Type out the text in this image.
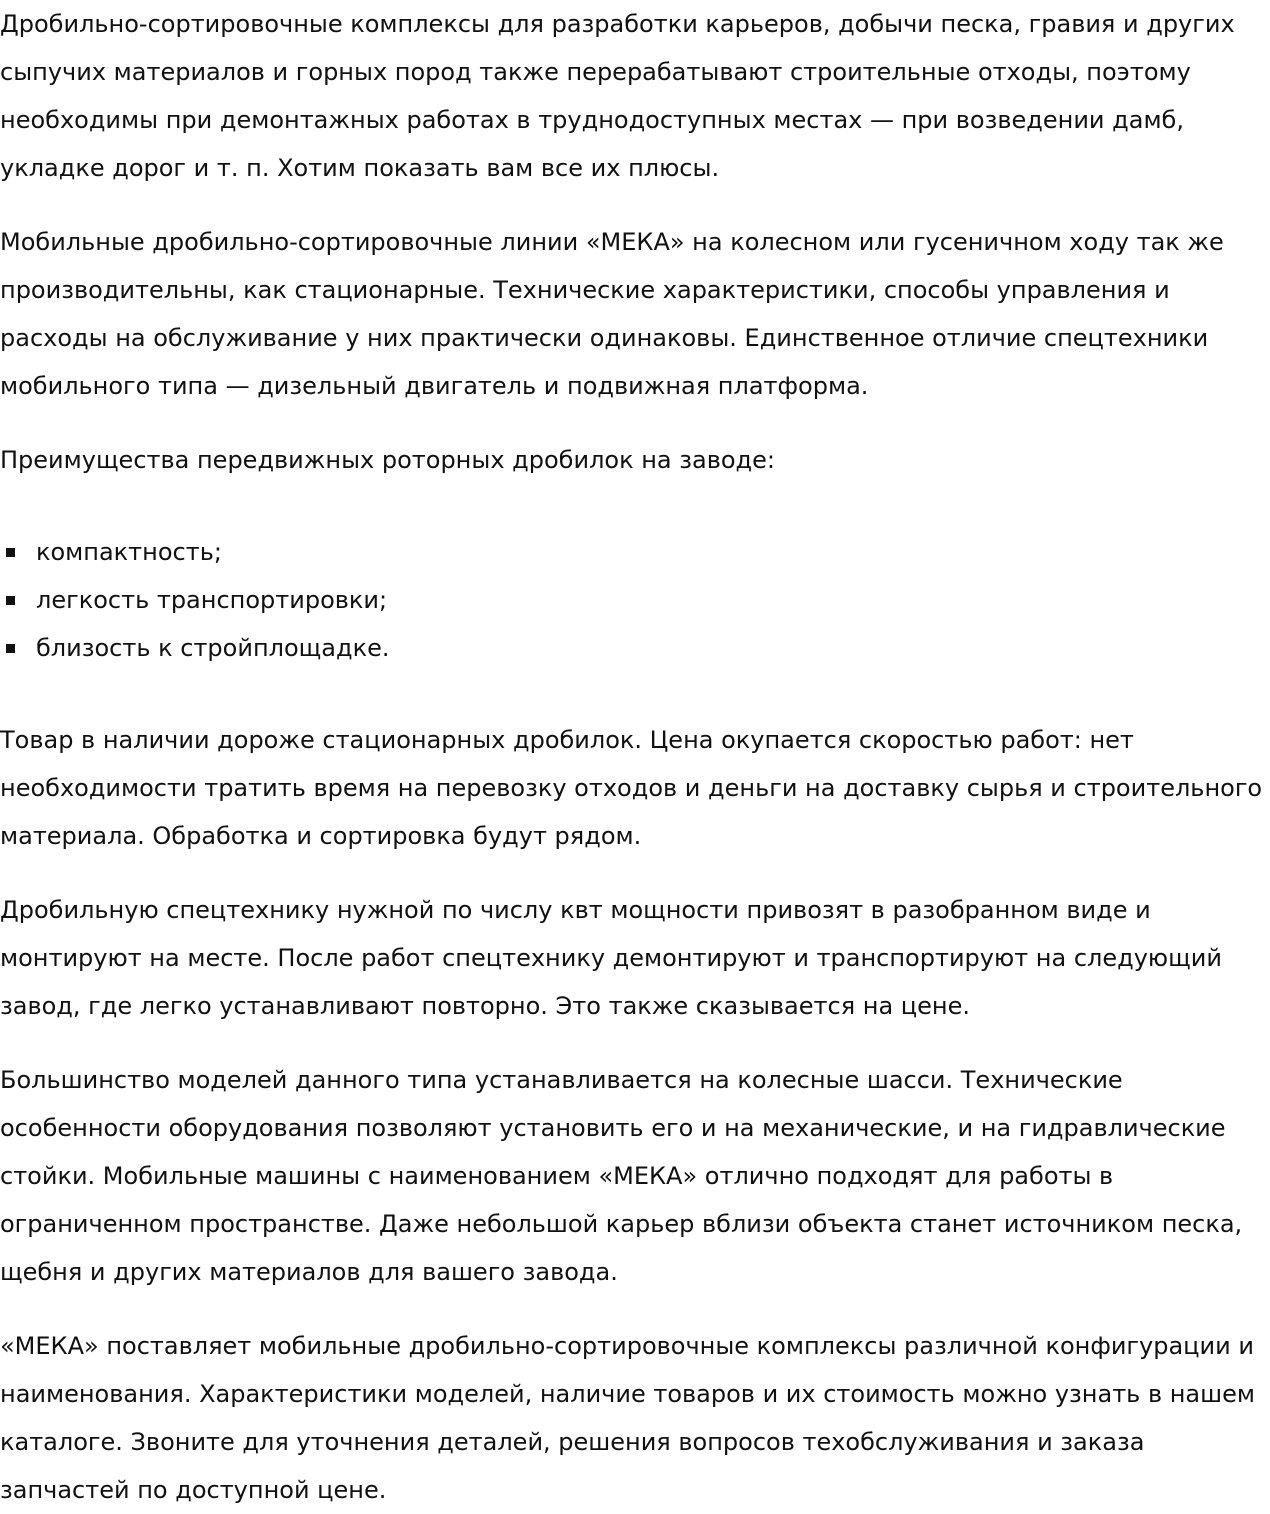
Дробильно-сортировочные комплексы для разработки карьеров, добычи песка, гравия и других сыпучих материалов и горных пород также перерабатывают строительные отходы, поэтому необходимы при демонтажных работах в труднодоступных местах — при возведении дамб, укладке дорог и т. п. Хотим показать вам все их плюсы.

Мобильные дробильно-сортировочные линии «МЕКА» на колесном или гусеничном ходу так же производительны, как стационарные. Технические характеристики, способы управления и расходы на обслуживание у них практически одинаковы. Единственное отличие спецтехники мобильного типа — дизельный двигатель и подвижная платформа.

Преимущества передвижных роторных дробилок на заводе:

компактность;
легкость транспортировки;
близость к стройплощадке.

Товар в наличии дороже стационарных дробилок. Цена окупается скоростью работ: нет необходимости тратить время на перевозку отходов и деньги на доставку сырья и строительного материала. Обработка и сортировка будут рядом.

Дробильную спецтехнику нужной по числу квт мощности привозят в разобранном виде и монтируют на месте. После работ спецтехнику демонтируют и транспортируют на следующий завод, где легко устанавливают повторно. Это также сказывается на цене.

Большинство моделей данного типа устанавливается на колесные шасси. Технические особенности оборудования позволяют установить его и на механические, и на гидравлические стойки. Мобильные машины с наименованием «МЕКА» отлично подходят для работы в ограниченном пространстве. Даже небольшой карьер вблизи объекта станет источником песка, щебня и других материалов для вашего завода.

«МЕКА» поставляет мобильные дробильно-сортировочные комплексы различной конфигурации и наименования. Характеристики моделей, наличие товаров и их стоимость можно узнать в нашем каталоге. Звоните для уточнения деталей, решения вопросов техобслуживания и заказа запчастей по доступной цене.
